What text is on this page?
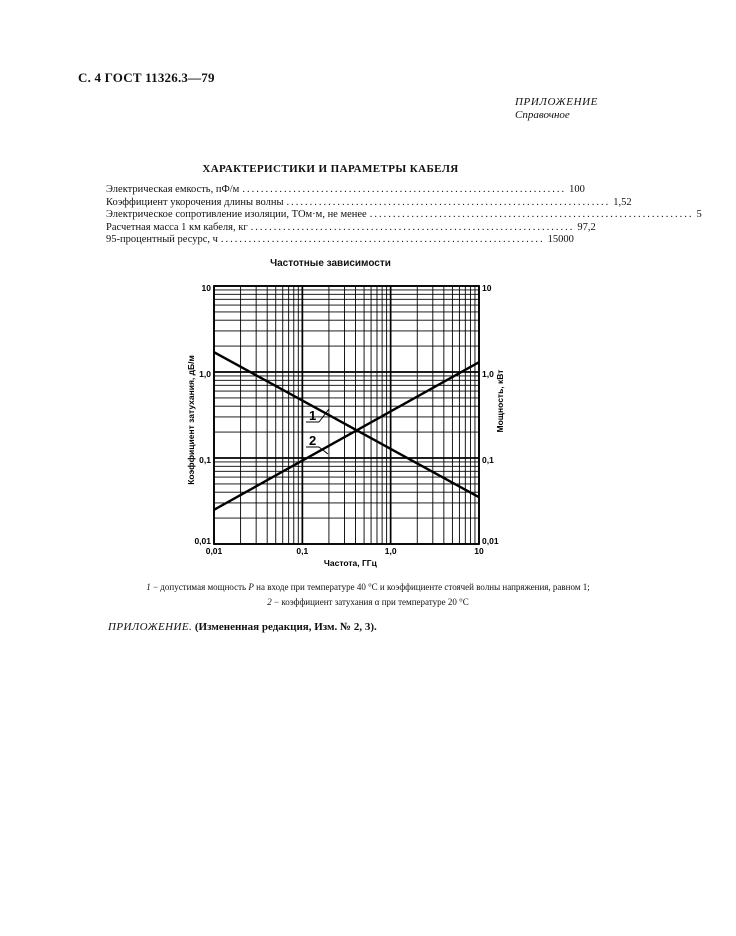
С. 4 ГОСТ 11326.3—79
ПРИЛОЖЕНИЕ
Справочное
ХАРАКТЕРИСТИКИ И ПАРАМЕТРЫ КАБЕЛЯ
Электрическая емкость, пФ/м ...................................................................... 100
Коэффициент укорочения длины волны ...................................................................... 1,52
Электрическое сопротивление изоляции, ТОм·м, не менее ...................................................................... 5
Расчетная масса 1 км кабеля, кг ...................................................................... 97,2
95-процентный ресурс, ч ...................................................................... 15000
Частотные зависимости
1
2
0,01	0,1	1,0	10
0,01
0,1
1,0
10
0,01
0,1
1,0
10
Частота, ГГц
Коэффициент затухания, дБ/м	Мощность, кВт
1 − допустимая мощность P на входе при температуре 40 °С и коэффициенте стоячей волны напряжения, равном 1;
2 − коэффициент затухания α при температуре 20 °С
ПРИЛОЖЕНИЕ. (Измененная редакция, Изм. № 2, 3).
